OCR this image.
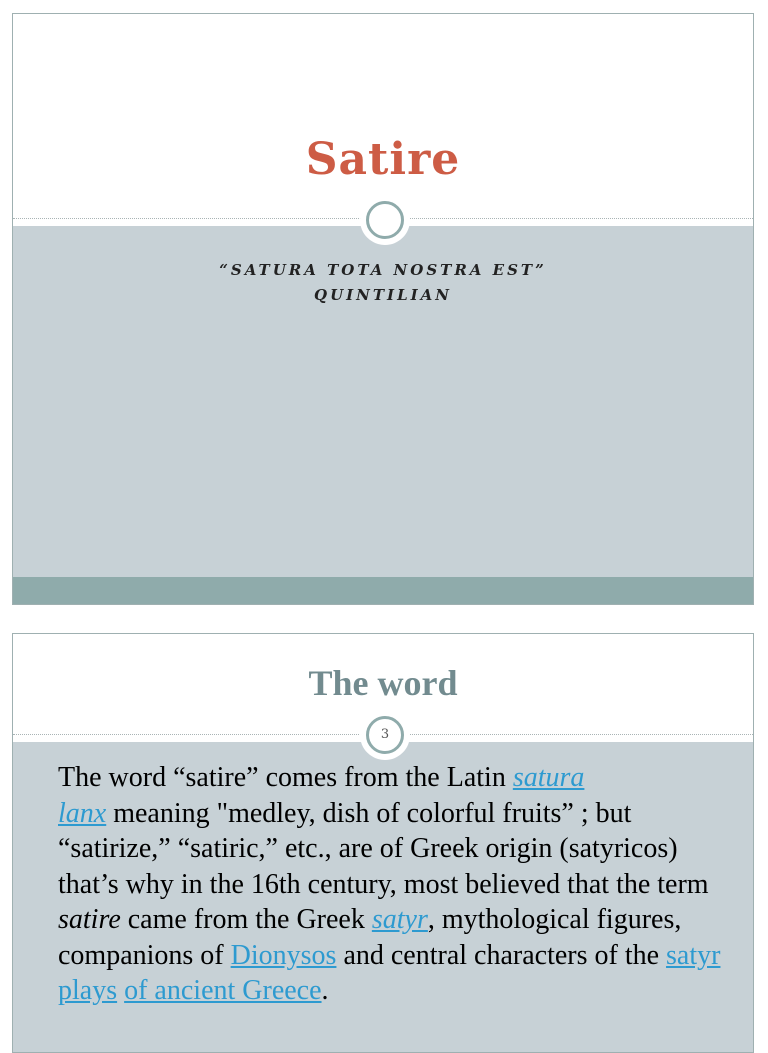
Satire
“SATURA TOTA NOSTRA EST”
QUINTILIAN
3
The word
The word “satire” comes from the Latin satura
lanx meaning "medley, dish of colorful fruits” ; but “satirize,” “satiric,” etc., are of Greek origin (satyricos) that’s why in the 16th century, most believed that the term satire came from the Greek satyr, mythological figures, companions of Dionysos and central characters of the satyr plays of ancient Greece.
